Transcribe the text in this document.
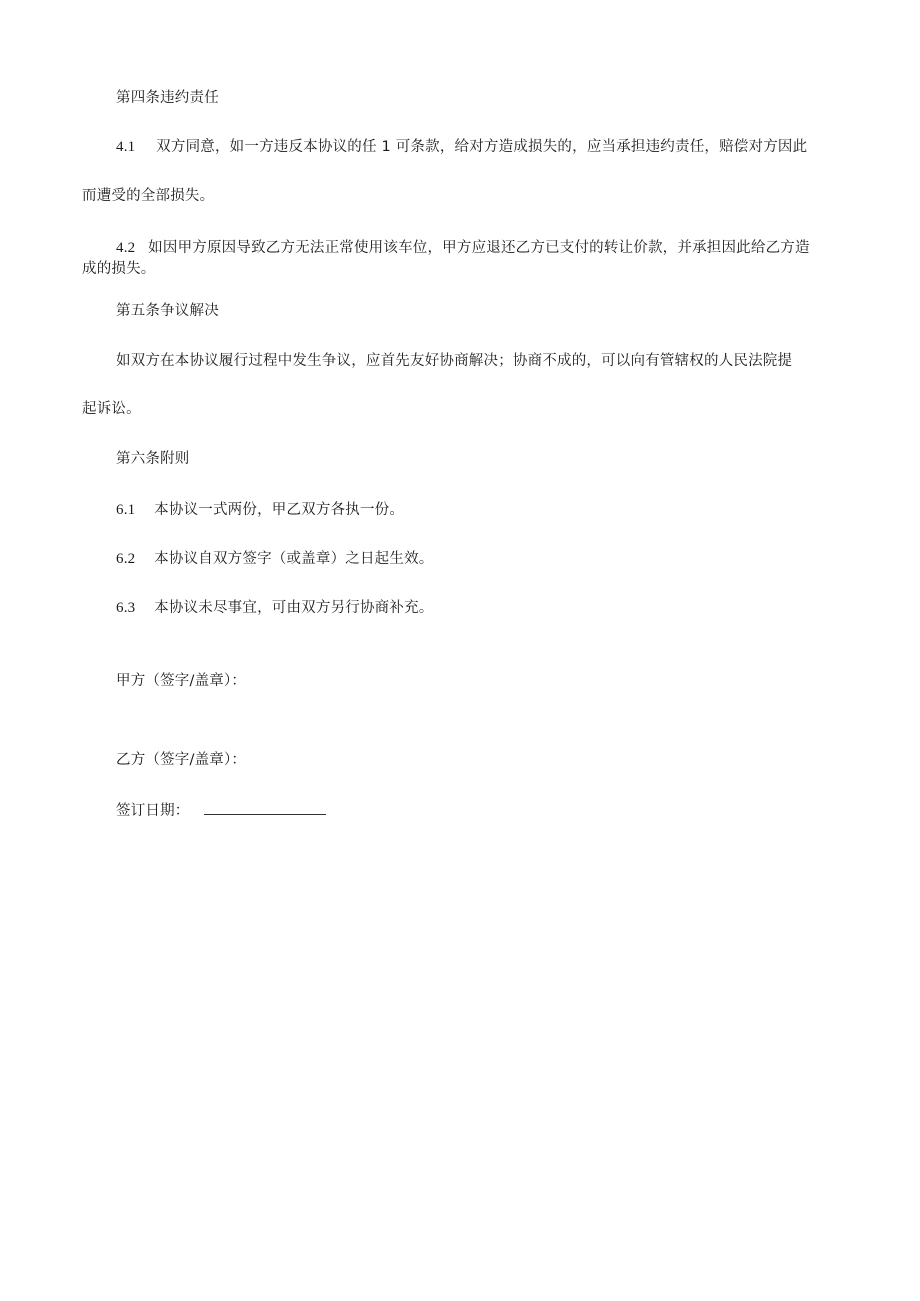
第四条违约责任
4.1 双方同意，如一方违反本协议的任 1 可条款，给对方造成损失的，应当承担违约责任，赔偿对方因此
而遭受的全部损失。
4.2 如因甲方原因导致乙方无法正常使用该车位，甲方应退还乙方已支付的转让价款，并承担因此给乙方造
成的损失。
第五条争议解决
如双方在本协议履行过程中发生争议，应首先友好协商解决；协商不成的，可以向有管辖权的人民法院提
起诉讼。
第六条附则
6.1 本协议一式两份，甲乙双方各执一份。
6.2 本协议自双方签字（或盖章）之日起生效。
6.3 本协议未尽事宜，可由双方另行协商补充。
甲方（签字/盖章）：
乙方（签字/盖章）：
签订日期：
